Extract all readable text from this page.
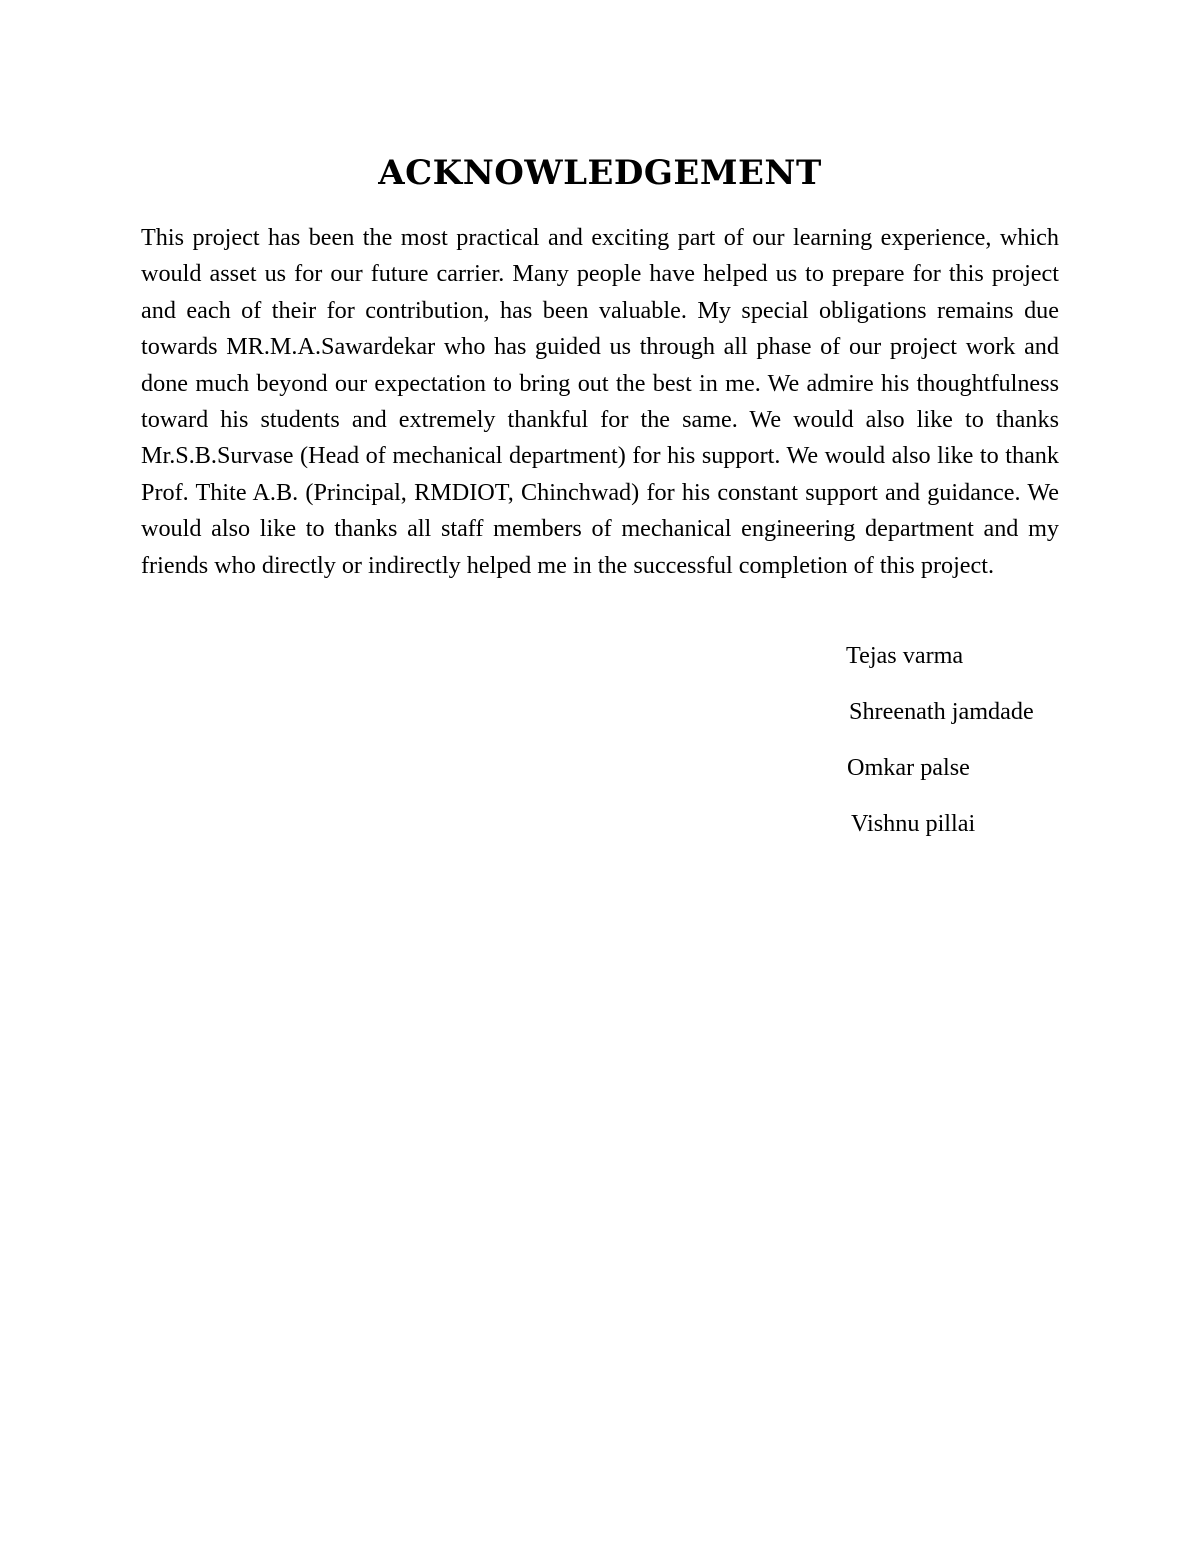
ACKNOWLEDGEMENT

This project has been the most practical and exciting part of our learning experience, which would asset us for our future carrier. Many people have helped us to prepare for this project and each of their for contribution, has been valuable. My special obligations remains due towards MR.M.A.Sawardekar who has guided us through all phase of our project work and done much beyond our expectation to bring out the best in me. We admire his thoughtfulness toward his students and extremely thankful for the same. We would also like to thanks Mr.S.B.Survase (Head of mechanical department) for his support. We would also like to thank Prof. Thite A.B. (Principal, RMDIOT, Chinchwad) for his constant support and guidance. We would also like to thanks all staff members of mechanical engineering department and my friends who directly or indirectly helped me in the successful completion of this project.

Tejas varma
Shreenath jamdade
Omkar palse
Vishnu pillai
